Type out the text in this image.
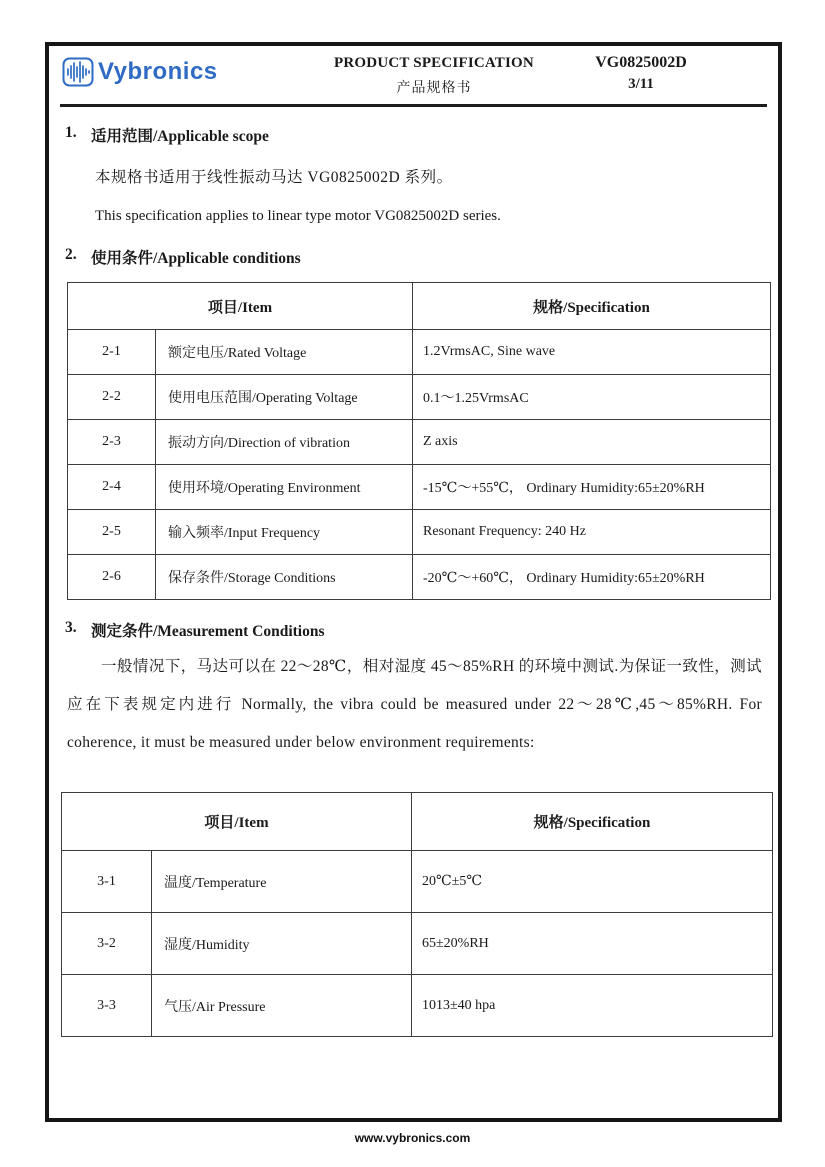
Vybronics	PRODUCT SPECIFICATION
产品规格书
VG0825002D
3/11
1. 适用范围/Applicable scope
本规格书适用于线性振动马达 VG0825002D 系列。
This specification applies to linear type motor VG0825002D series.
2. 使用条件/Applicable conditions
项目/Item		规格/Specification
2-1	额定电压/Rated Voltage	1.2VrmsAC, Sine wave
2-2	使用电压范围/Operating Voltage	0.1～1.25VrmsAC
2-3	振动方向/Direction of vibration	Z axis
2-4	使用环境/Operating Environment	-15℃～+55℃， Ordinary Humidity:65±20%RH
2-5	输入频率/Input Frequency	Resonant Frequency: 240 Hz
2-6	保存条件/Storage Conditions	-20℃～+60℃， Ordinary Humidity:65±20%RH
3. 测定条件/Measurement Conditions
一般情况下，马达可以在 22～28℃，相对湿度 45～85%RH 的环境中测试.为保证一致性，测试应在下表规定内进行 Normally, the vibra could be measured under 22～28℃,45～85%RH. For coherence, it must be measured under below environment requirements:
项目/Item		规格/Specification
3-1	温度/Temperature	20℃±5℃
3-2	湿度/Humidity	65±20%RH
3-3	气压/Air Pressure	1013±40 hpa
www.vybronics.com
